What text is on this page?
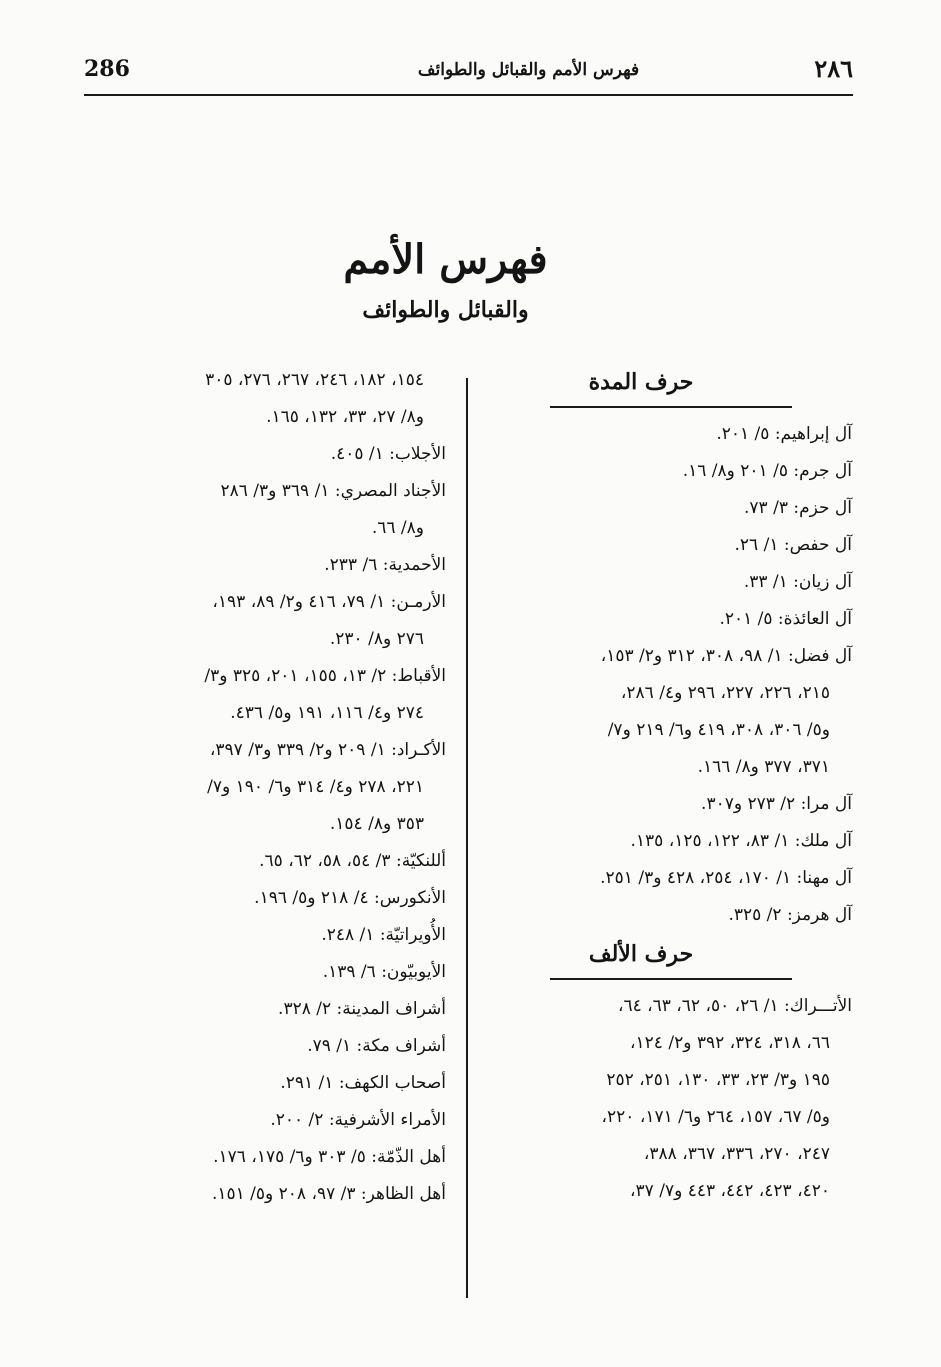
286	فهرس الأمم والقبائل والطوائف	٢٨٦
فهرس الأمم
والقبائل والطوائف
حرف المدة
آل إبراهيم: ٥/ ٢٠١.
آل جرم: ٥/ ٢٠١ و٨/ ١٦.
آل حزم: ٣/ ٧٣.
آل حفص: ١/ ٢٦.
آل زيان: ١/ ٣٣.
آل العائذة: ٥/ ٢٠١.
آل فضل: ١/ ٩٨، ٣٠٨، ٣١٢ و٢/ ١٥٣،
٢١٥، ٢٢٦، ٢٢٧، ٢٩٦ و٤/ ٢٨٦،
و٥/ ٣٠٦، ٣٠٨، ٤١٩ و٦/ ٢١٩ و٧/
٣٧١، ٣٧٧ و٨/ ١٦٦.
آل مرا: ٢/ ٢٧٣ و٣٠٧.
آل ملك: ١/ ٨٣، ١٢٢، ١٢٥، ١٣٥.
آل مهنا: ١/ ١٧٠، ٢٥٤، ٤٢٨ و٣/ ٢٥١.
آل هرمز: ٢/ ٣٢٥.
حرف الألف
الأتـــراك: ١/ ٢٦، ٥٠، ٦٢، ٦٣، ٦٤،
٦٦، ٣١٨، ٣٢٤، ٣٩٢ و٢/ ١٢٤،
١٩٥ و٣/ ٢٣، ٣٣، ١٣٠، ٢٥١، ٢٥٢
و٥/ ٦٧، ١٥٧، ٢٦٤ و٦/ ١٧١، ٢٢٠،
٢٤٧، ٢٧٠، ٣٣٦، ٣٦٧، ٣٨٨،
٤٢٠، ٤٢٣، ٤٤٢، ٤٤٣ و٧/ ٣٧،
١٥٤، ١٨٢، ٢٤٦، ٢٦٧، ٢٧٦، ٣٠٥
و٨/ ٢٧، ٣٣، ١٣٢، ١٦٥.
الأجلاب: ١/ ٤٠٥.
الأجناد المصري: ١/ ٣٦٩ و٣/ ٢٨٦
و٨/ ٦٦.
الأحمدية: ٦/ ٢٣٣.
الأرمـن: ١/ ٧٩، ٤١٦ و٢/ ٨٩، ١٩٣،
٢٧٦ و٨/ ٢٣٠.
الأقباط: ٢/ ١٣، ١٥٥، ٢٠١، ٣٢٥ و٣/
٢٧٤ و٤/ ١١٦، ١٩١ و٥/ ٤٣٦.
الأكـراد: ١/ ٢٠٩ و٢/ ٣٣٩ و٣/ ٣٩٧،
٢٢١، ٢٧٨ و٤/ ٣١٤ و٦/ ١٩٠ و٧/
٣٥٣ و٨/ ١٥٤.
أللنكيّة: ٣/ ٥٤، ٥٨، ٦٢، ٦٥.
الأنكورس: ٤/ ٢١٨ و٥/ ١٩٦.
الأُويراتيّة: ١/ ٢٤٨.
الأيوبيّون: ٦/ ١٣٩.
أشراف المدينة: ٢/ ٣٢٨.
أشراف مكة: ١/ ٧٩.
أصحاب الكهف: ١/ ٢٩١.
الأمراء الأشرفية: ٢/ ٢٠٠.
أهل الذّمّة: ٥/ ٣٠٣ و٦/ ١٧٥، ١٧٦.
أهل الظاهر: ٣/ ٩٧، ٢٠٨ و٥/ ١٥١.
